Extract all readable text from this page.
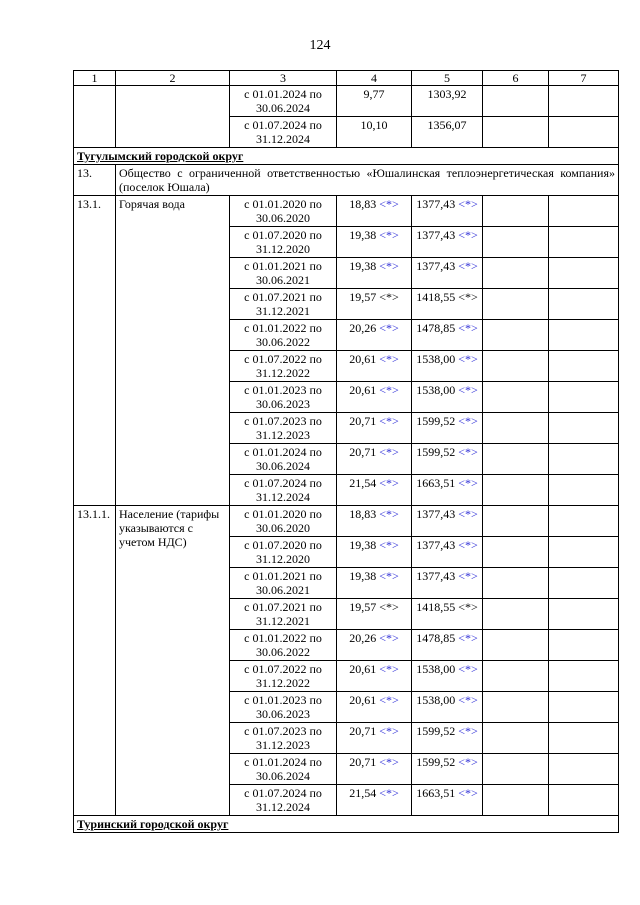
124
1	2	3	4	5	6	7
		с 01.01.2024 по 30.06.2024	9,77	1303,92		
		с 01.07.2024 по 31.12.2024	10,10	1356,07		
Тугулымский городской округ						
13.	Общество с ограниченной ответственностью «Юшалинская теплоэнергетическая компания» (поселок Юшала)					
13.1.	Горячая вода	с 01.01.2020 по 30.06.2020	18,83 <*>	1377,43 <*>		
		с 01.07.2020 по 31.12.2020	19,38 <*>	1377,43 <*>		
		с 01.01.2021 по 30.06.2021	19,38 <*>	1377,43 <*>		
		с 01.07.2021 по 31.12.2021	19,57 <*>	1418,55 <*>		
		с 01.01.2022 по 30.06.2022	20,26 <*>	1478,85 <*>		
		с 01.07.2022 по 31.12.2022	20,61 <*>	1538,00 <*>		
		с 01.01.2023 по 30.06.2023	20,61 <*>	1538,00 <*>		
		с 01.07.2023 по 31.12.2023	20,71 <*>	1599,52 <*>		
		с 01.01.2024 по 30.06.2024	20,71 <*>	1599,52 <*>		
		с 01.07.2024 по 31.12.2024	21,54 <*>	1663,51 <*>		
13.1.1.	Население (тарифы указываются с учетом НДС)	с 01.01.2020 по 30.06.2020	18,83 <*>	1377,43 <*>		
		с 01.07.2020 по 31.12.2020	19,38 <*>	1377,43 <*>		
		с 01.01.2021 по 30.06.2021	19,38 <*>	1377,43 <*>		
		с 01.07.2021 по 31.12.2021	19,57 <*>	1418,55 <*>		
		с 01.01.2022 по 30.06.2022	20,26 <*>	1478,85 <*>		
		с 01.07.2022 по 31.12.2022	20,61 <*>	1538,00 <*>		
		с 01.01.2023 по 30.06.2023	20,61 <*>	1538,00 <*>		
		с 01.07.2023 по 31.12.2023	20,71 <*>	1599,52 <*>		
		с 01.01.2024 по 30.06.2024	20,71 <*>	1599,52 <*>		
		с 01.07.2024 по 31.12.2024	21,54 <*>	1663,51 <*>		
Туринский городской округ						
